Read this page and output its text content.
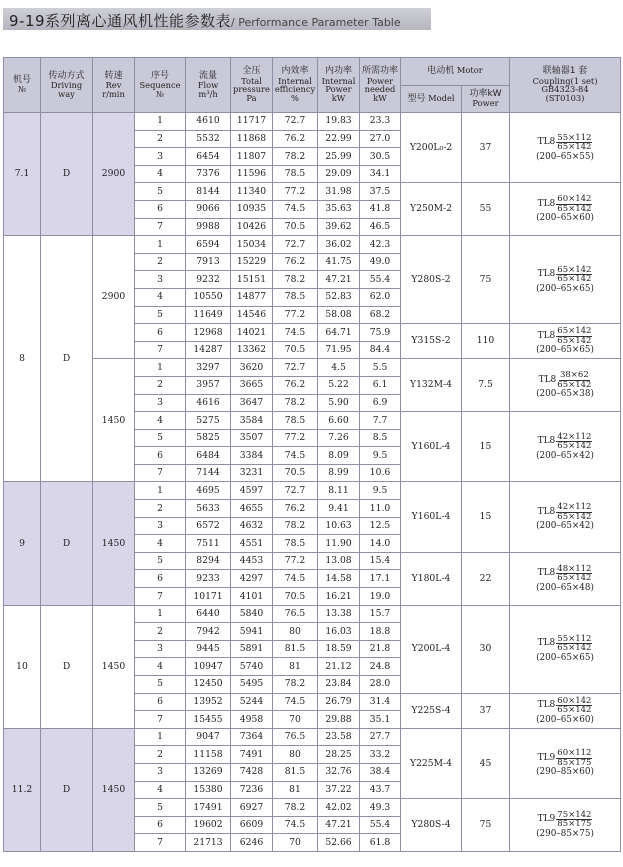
9-19系列离心通风机性能参数表/ Performance Parameter Table
机号
№	传动方式
Driving
way	转速
Rev
r/min	序号
Sequence
№	流量
Flow
m³/h	全压
Total
pressure
Pa	内效率
Internal
efficiency
%	内功率
Internal
Power
kW	所需功率
Power
needed
kW	电动机 Motor		联轴器1 套
Coupling(1 set)
GB4323-84
(ST0103)

									型号 Model	功率kW
Power	

7.1	D	2900	1	4610	11717	72.7	19.83	23.3	Y200L₀-2	37	$TL8 \frac{55\times 112}{65\times 142}$
(200–65×55)

			2	5532	11868	76.2	22.99	27.0			
			3	6454	11807	78.2	25.99	30.5			
			4	7376	11596	78.5	29.09	34.1			
			5	8144	11340	77.2	31.98	37.5	Y250M-2	55	$TL8 \frac{60\times 142}{65\times 142}$
(200–65×60)

			6	9066	10935	74.5	35.63	41.8			
			7	9988	10426	70.5	39.62	46.5			
8	D	2900	1	6594	15034	72.7	36.02	42.3	Y280S-2	75	$TL8 \frac{65\times 142}{65\times 142}$
(200–65×65)

			2	7913	15229	76.2	41.75	49.0			
			3	9232	15151	78.2	47.21	55.4			
			4	10550	14877	78.5	52.83	62.0			
			5	11649	14546	77.2	58.08	68.2			
			6	12968	14021	74.5	64.71	75.9	Y315S-2	110	$TL8 \frac{65\times 142}{65\times 142}$
(200–65×65)

			7	14287	13362	70.5	71.95	84.4			
		1450	1	3297	3620	72.7	4.5	5.5	Y132M-4	7.5	$TL8 \frac{38\times 62}{65\times 142}$
(200–65×38)

			2	3957	3665	76.2	5.22	6.1			
			3	4616	3647	78.2	5.90	6.9			
			4	5275	3584	78.5	6.60	7.7	Y160L-4	15	$TL8 \frac{42\times 112}{65\times 142}$
(200–65×42)

			5	5825	3507	77.2	7.26	8.5			
			6	6484	3384	74.5	8.09	9.5			
			7	7144	3231	70.5	8.99	10.6			
9	D	1450	1	4695	4597	72.7	8.11	9.5	Y160L-4	15	$TL8 \frac{42\times 112}{65\times 142}$
(200–65×42)

			2	5633	4655	76.2	9.41	11.0			
			3	6572	4632	78.2	10.63	12.5			
			4	7511	4551	78.5	11.90	14.0			
			5	8294	4453	77.2	13.08	15.4	Y180L-4	22	$TL8 \frac{48\times 112}{65\times 142}$
(200–65×48)

			6	9233	4297	74.5	14.58	17.1			
			7	10171	4101	70.5	16.21	19.0			
10	D	1450	1	6440	5840	76.5	13.38	15.7	Y200L-4	30	$TL8 \frac{55\times 112}{65\times 142}$
(200–65×65)

			2	7942	5941	80	16.03	18.8			
			3	9445	5891	81.5	18.59	21.8			
			4	10947	5740	81	21.12	24.8			
			5	12450	5495	78.2	23.84	28.0			
			6	13952	5244	74.5	26.79	31.4	Y225S-4	37	$TL8 \frac{60\times 142}{65\times 142}$
(200–65×60)

			7	15455	4958	70	29.88	35.1			
11.2	D	1450	1	9047	7364	76.5	23.58	27.7	Y225M-4	45	$TL9 \frac{60\times 112}{85\times 175}$
(290–85×60)

			2	11158	7491	80	28.25	33.2			
			3	13269	7428	81.5	32.76	38.4			
			4	15380	7236	81	37.22	43.7			
			5	17491	6927	78.2	42.02	49.3	Y280S-4	75	$TL9 \frac{75\times 142}{85\times 175}$
(290–85×75)

			6	19602	6609	74.5	47.21	55.4			
			7	21713	6246	70	52.66	61.8			
